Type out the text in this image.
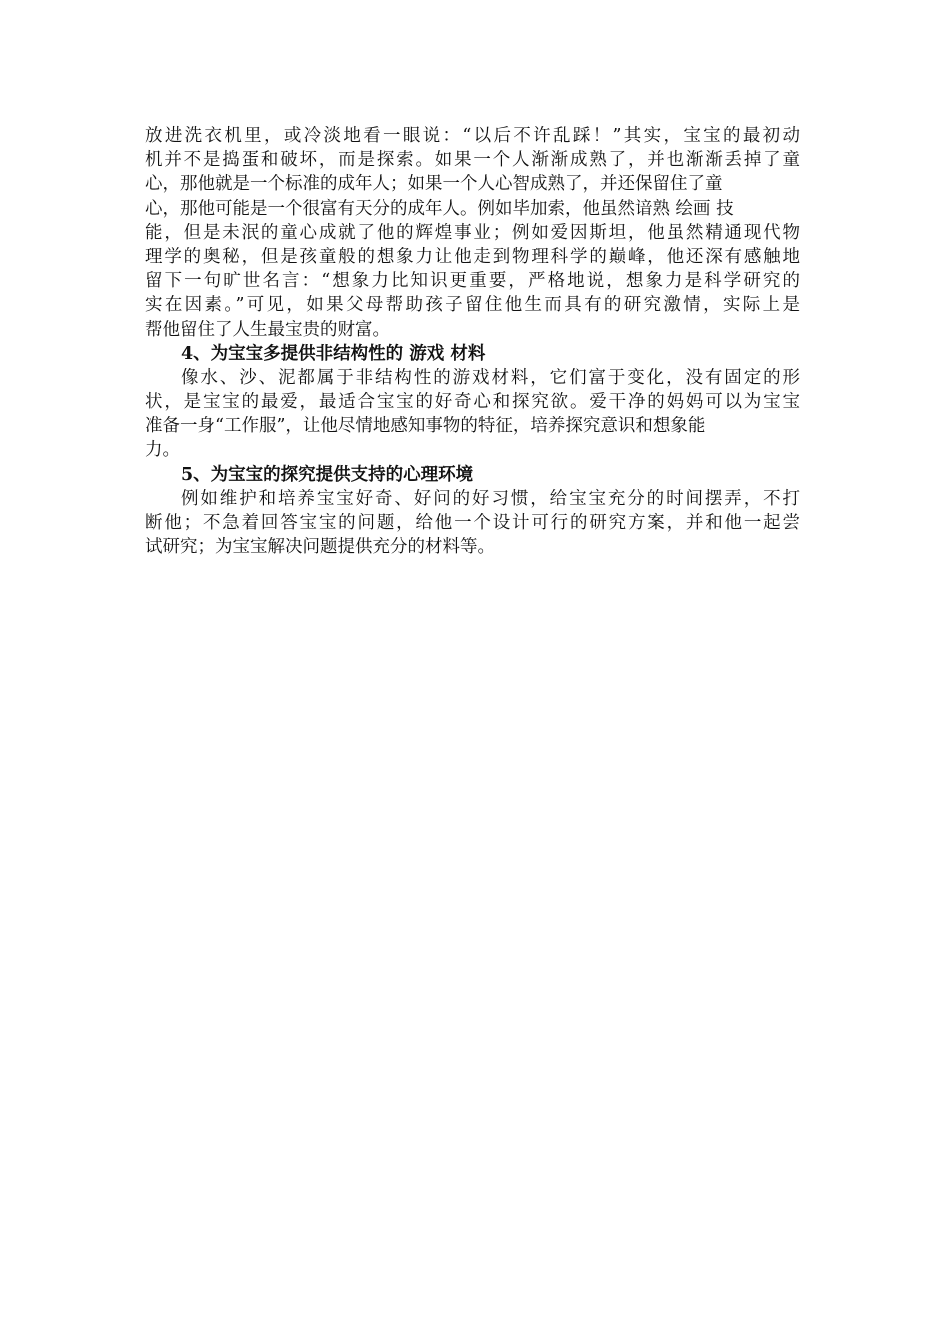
放进洗衣机里，或冷淡地看一眼说：“以后不许乱踩！”其实，宝宝的最初动
机并不是捣蛋和破坏，而是探索。如果一个人渐渐成熟了，并也渐渐丢掉了童
心，那他就是一个标准的成年人；如果一个人心智成熟了，并还保留住了童
心，那他可能是一个很富有天分的成年人。例如毕加索，他虽然谙熟 绘画 技
能，但是未泯的童心成就了他的辉煌事业；例如爱因斯坦，他虽然精通现代物
理学的奥秘，但是孩童般的想象力让他走到物理科学的巅峰，他还深有感触地
留下一句旷世名言：“想象力比知识更重要，严格地说，想象力是科学研究的
实在因素。”可见，如果父母帮助孩子留住他生而具有的研究激情，实际上是
帮他留住了人生最宝贵的财富。
4、为宝宝多提供非结构性的 游戏 材料
像水、沙、泥都属于非结构性的游戏材料，它们富于变化，没有固定的形
状，是宝宝的最爱，最适合宝宝的好奇心和探究欲。爱干净的妈妈可以为宝宝
准备一身“工作服”，让他尽情地感知事物的特征，培养探究意识和想象能
力。
5、为宝宝的探究提供支持的心理环境
例如维护和培养宝宝好奇、好问的好习惯，给宝宝充分的时间摆弄，不打
断他；不急着回答宝宝的问题，给他一个设计可行的研究方案，并和他一起尝
试研究；为宝宝解决问题提供充分的材料等。
